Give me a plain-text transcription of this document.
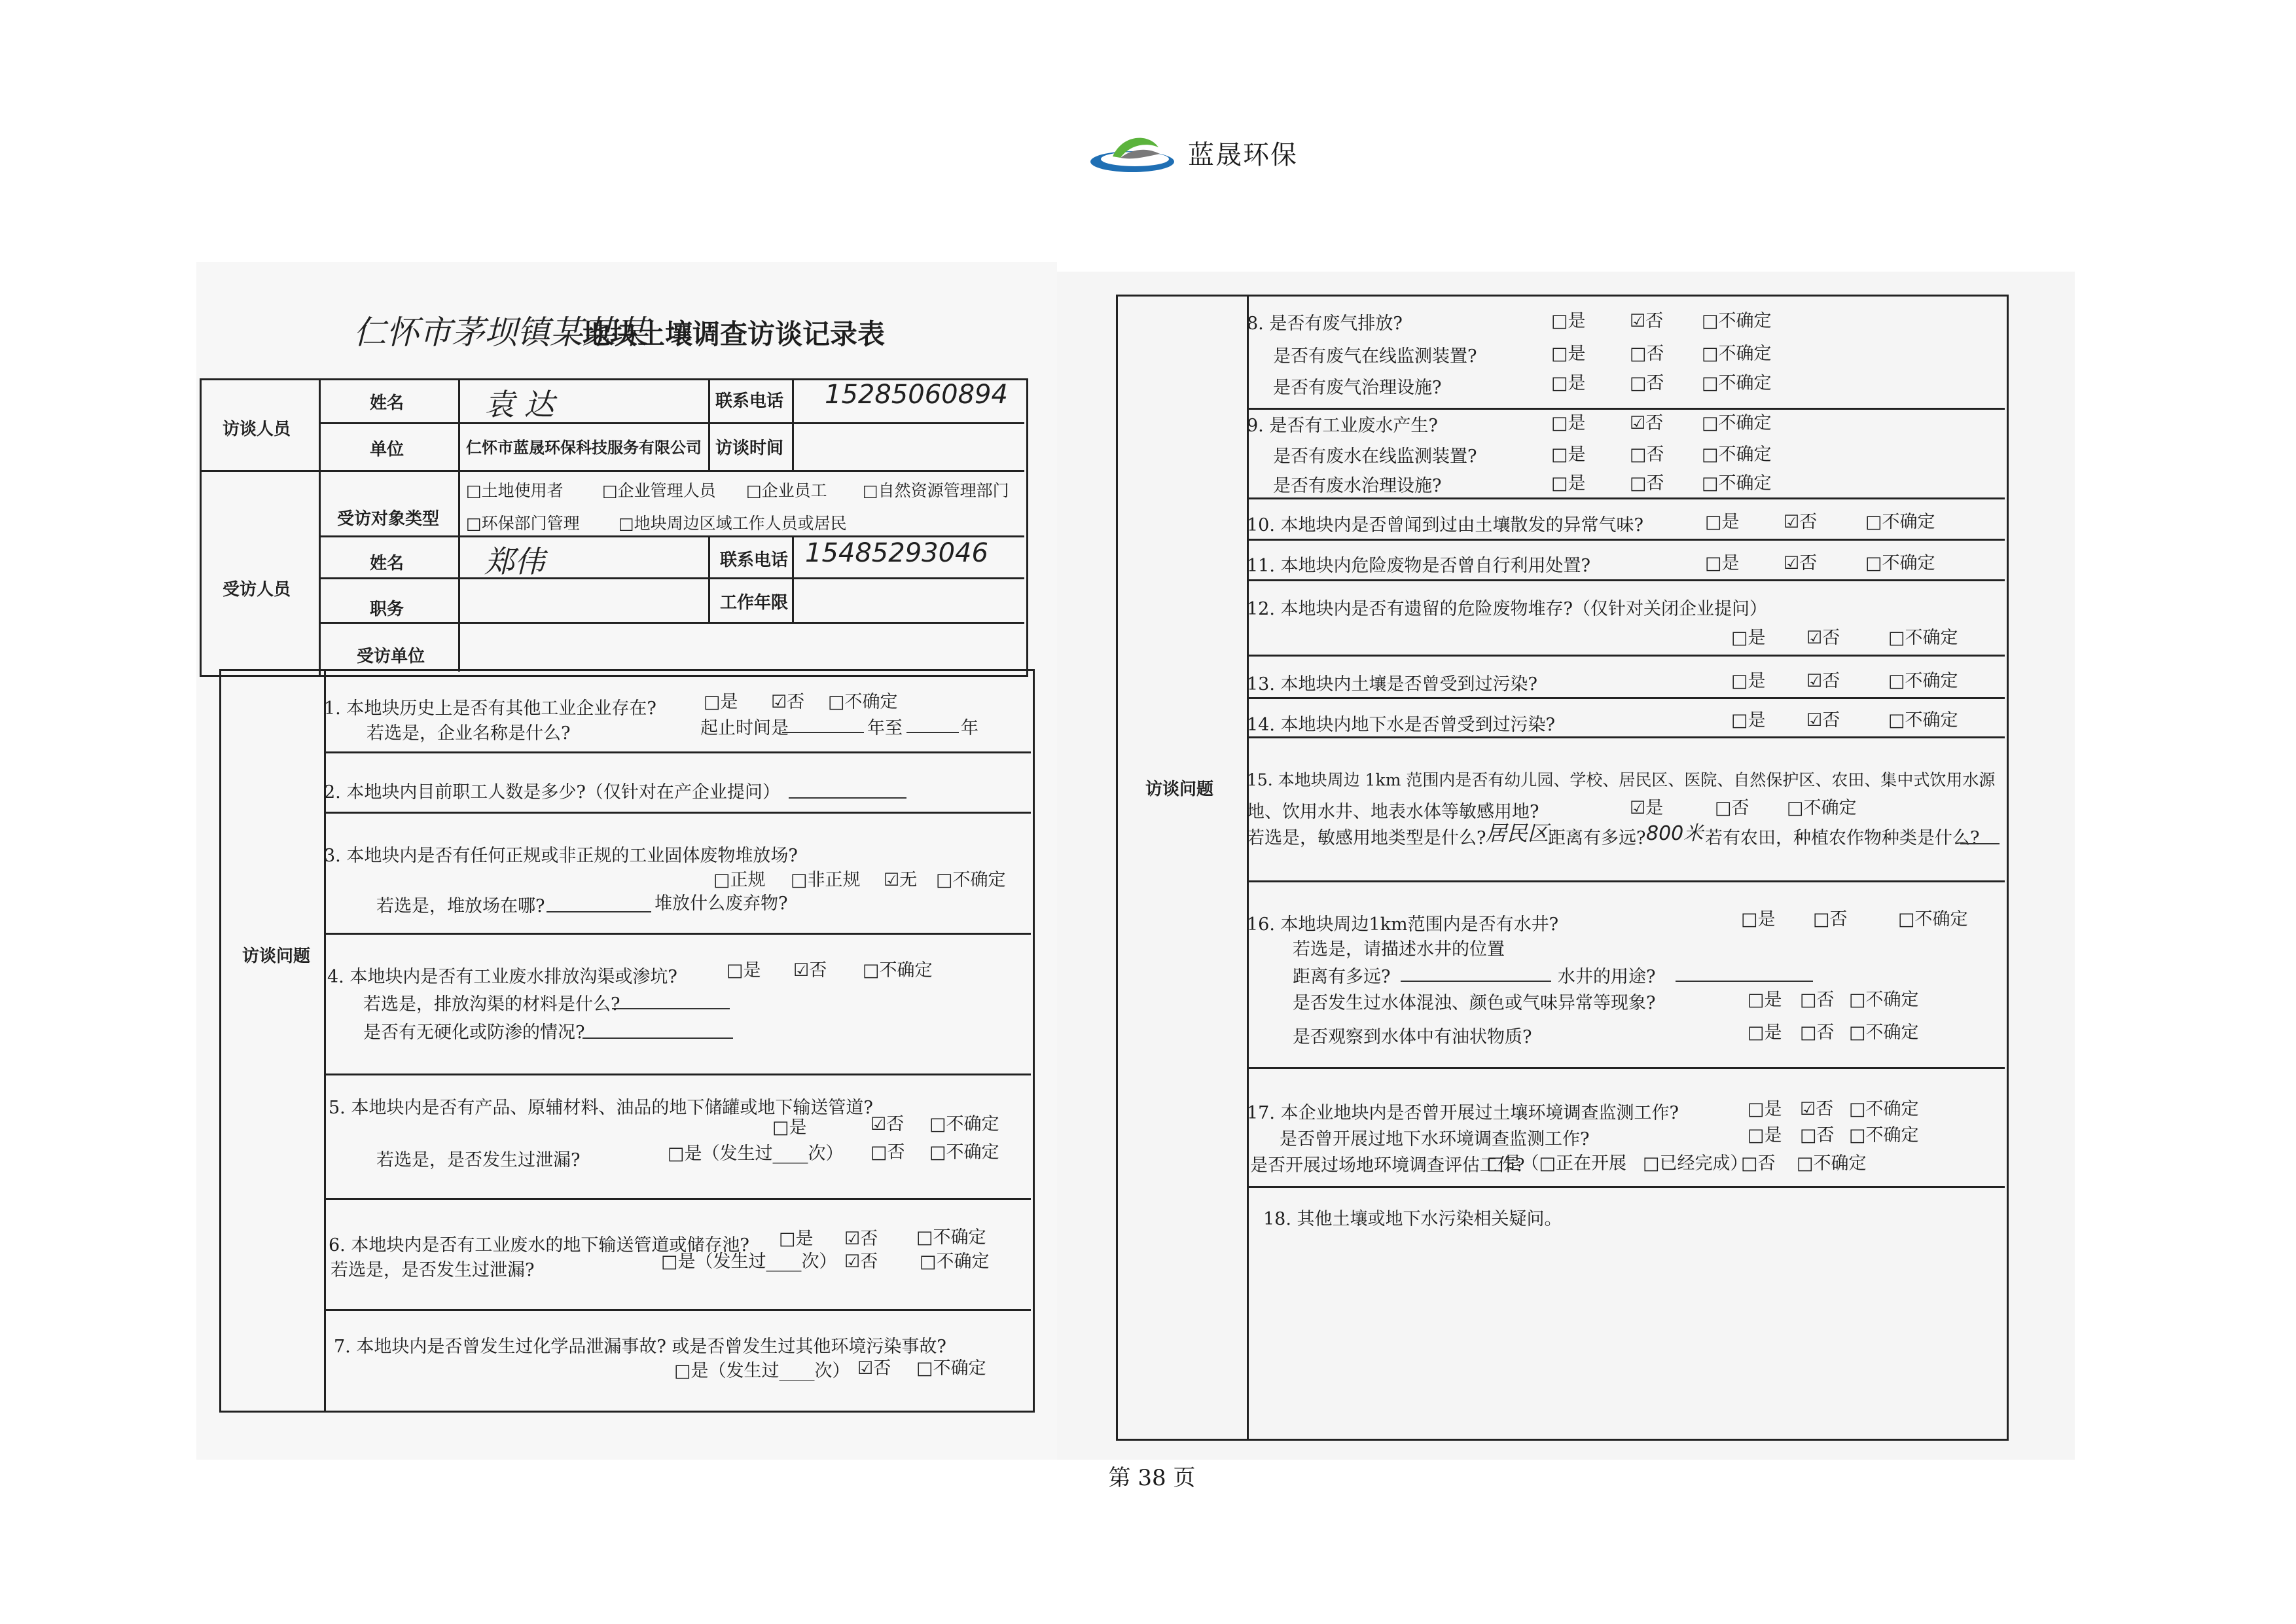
蓝晟环保
仁怀市茅坝镇某某某
地块土壤调查访谈记录表
访谈人员
姓名	袁 达	联系电话 15285060894
单位	仁怀市蓝晟环保科技服务有限公司 访谈时间
受访人员
受访对象类型
□土地使用者 □企业管理人员 □企业员工 □自然资源管理部门
□环保部门管理 □地块周边区域工作人员或居民
姓名	郑伟	联系电话 15485293046
职务	工作年限
受访单位
访谈问题
1. 本地块历史上是否有其他工业企业存在?	□是 ☑否 □不确定
若选是，企业名称是什么?	起止时间是	年至	年
2. 本地块内目前职工人数是多少?（仅针对在产企业提问）
3. 本地块内是否有任何正规或非正规的工业固体废物堆放场?
□正规 □非正规 ☑无 □不确定
若选是，堆放场在哪?	堆放什么废弃物?
4. 本地块内是否有工业废水排放沟渠或渗坑?	□是 ☑否 □不确定
若选是，排放沟渠的材料是什么?
是否有无硬化或防渗的情况?
5. 本地块内是否有产品、原辅材料、油品的地下储罐或地下输送管道?
□是	☑否 □不确定
若选是，是否发生过泄漏?	□是（发生过____次） □否 □不确定
6. 本地块内是否有工业废水的地下输送管道或储存池? □是 ☑否 □不确定
若选是，是否发生过泄漏?	□是（发生过____次） ☑否 □不确定
7. 本地块内是否曾发生过化学品泄漏事故? 或是否曾发生过其他环境污染事故?
□是（发生过____次） ☑否 □不确定
访谈问题
8. 是否有废气排放?	□是 ☑否 □不确定
是否有废气在线监测装置?	□是 □否 □不确定
是否有废气治理设施?	□是 □否 □不确定
9. 是否有工业废水产生?	□是 ☑否 □不确定
是否有废水在线监测装置?	□是 □否 □不确定
是否有废水治理设施?	□是 □否 □不确定
10. 本地块内是否曾闻到过由土壤散发的异常气味?	□是 ☑否	□不确定
11. 本地块内危险废物是否曾自行利用处置?	□是 ☑否	□不确定
12. 本地块内是否有遗留的危险废物堆存?（仅针对关闭企业提问）
□是 ☑否	□不确定
13. 本地块内土壤是否曾受到过污染?	□是 ☑否	□不确定
14. 本地块内地下水是否曾受到过污染?	□是 ☑否	□不确定
15. 本地块周边 1km 范围内是否有幼儿园、学校、居民区、医院、自然保护区、农田、集中式饮用水源
地、饮用水井、地表水体等敏感用地?	☑是	□否 □不确定
若选是，敏感用地类型是什么? 居民区
距离有多远? 800米 若有农田，种植农作物种类是什么?
16. 本地块周边1km范围内是否有水井?	□是 □否	□不确定
若选是，请描述水井的位置
距离有多远?	水井的用途?
是否发生过水体混浊、颜色或气味异常等现象?	□是 □否 □不确定
是否观察到水体中有油状物质?	□是 □否 □不确定
17. 本企业地块内是否曾开展过土壤环境调查监测工作?	□是 ☑否 □不确定
是否曾开展过地下水环境调查监测工作?	□是 □否 □不确定
是否开展过场地环境调查评估工作?
□是（□正在开展 □已经完成）
□否 □不确定
18. 其他土壤或地下水污染相关疑问。
第 38 页
